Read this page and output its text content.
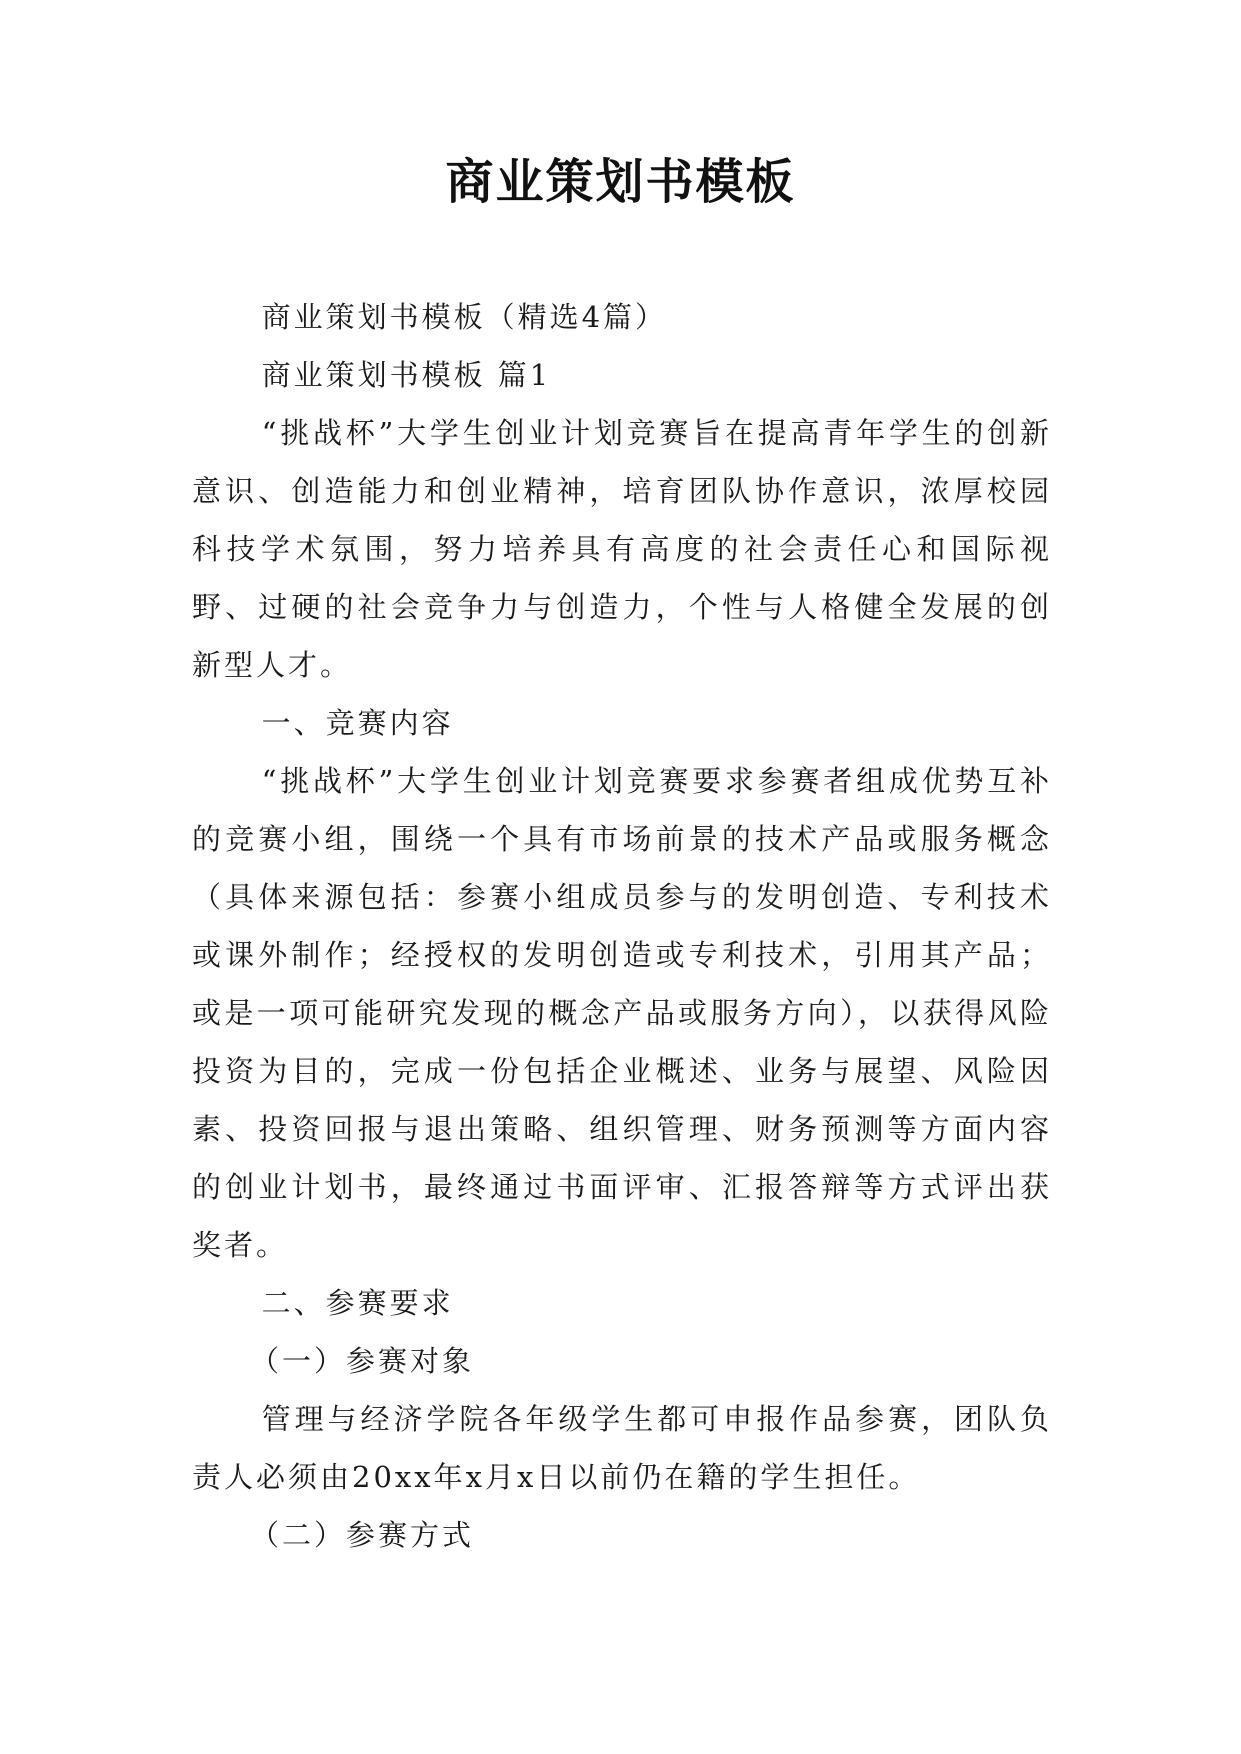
商业策划书模板

商业策划书模板（精选4篇）

商业策划书模板 篇1

“挑战杯”大学生创业计划竞赛旨在提高青年学生的创新意识、创造能力和创业精神，培育团队协作意识，浓厚校园科技学术氛围，努力培养具有高度的社会责任心和国际视野、过硬的社会竞争力与创造力，个性与人格健全发展的创新型人才。

一、竞赛内容

“挑战杯”大学生创业计划竞赛要求参赛者组成优势互补的竞赛小组，围绕一个具有市场前景的技术产品或服务概念（具体来源包括：参赛小组成员参与的发明创造、专利技术或课外制作；经授权的发明创造或专利技术，引用其产品；或是一项可能研究发现的概念产品或服务方向），以获得风险投资为目的，完成一份包括企业概述、业务与展望、风险因素、投资回报与退出策略、组织管理、财务预测等方面内容的创业计划书，最终通过书面评审、汇报答辩等方式评出获奖者。

二、参赛要求

（一）参赛对象

管理与经济学院各年级学生都可申报作品参赛，团队负责人必须由20xx年x月x日以前仍在籍的学生担任。

（二）参赛方式
